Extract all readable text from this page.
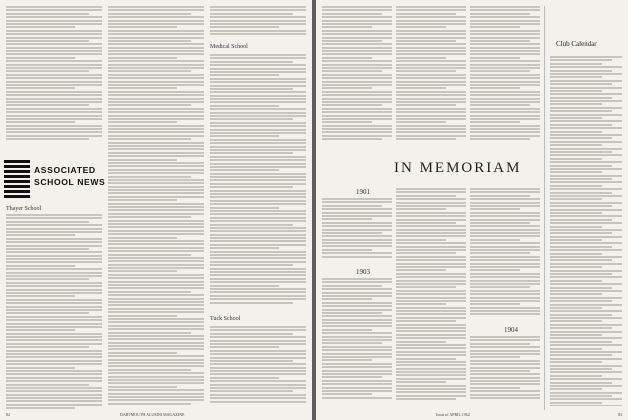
ASSOCIATED
SCHOOL NEWS
Thayer School
Medical School
Tuck School
82	DARTMOUTH ALUMNI MAGAZINE
IN MEMORIAM
1901
1903
1904
Club Calendar
Issue of APRIL 1962	83
